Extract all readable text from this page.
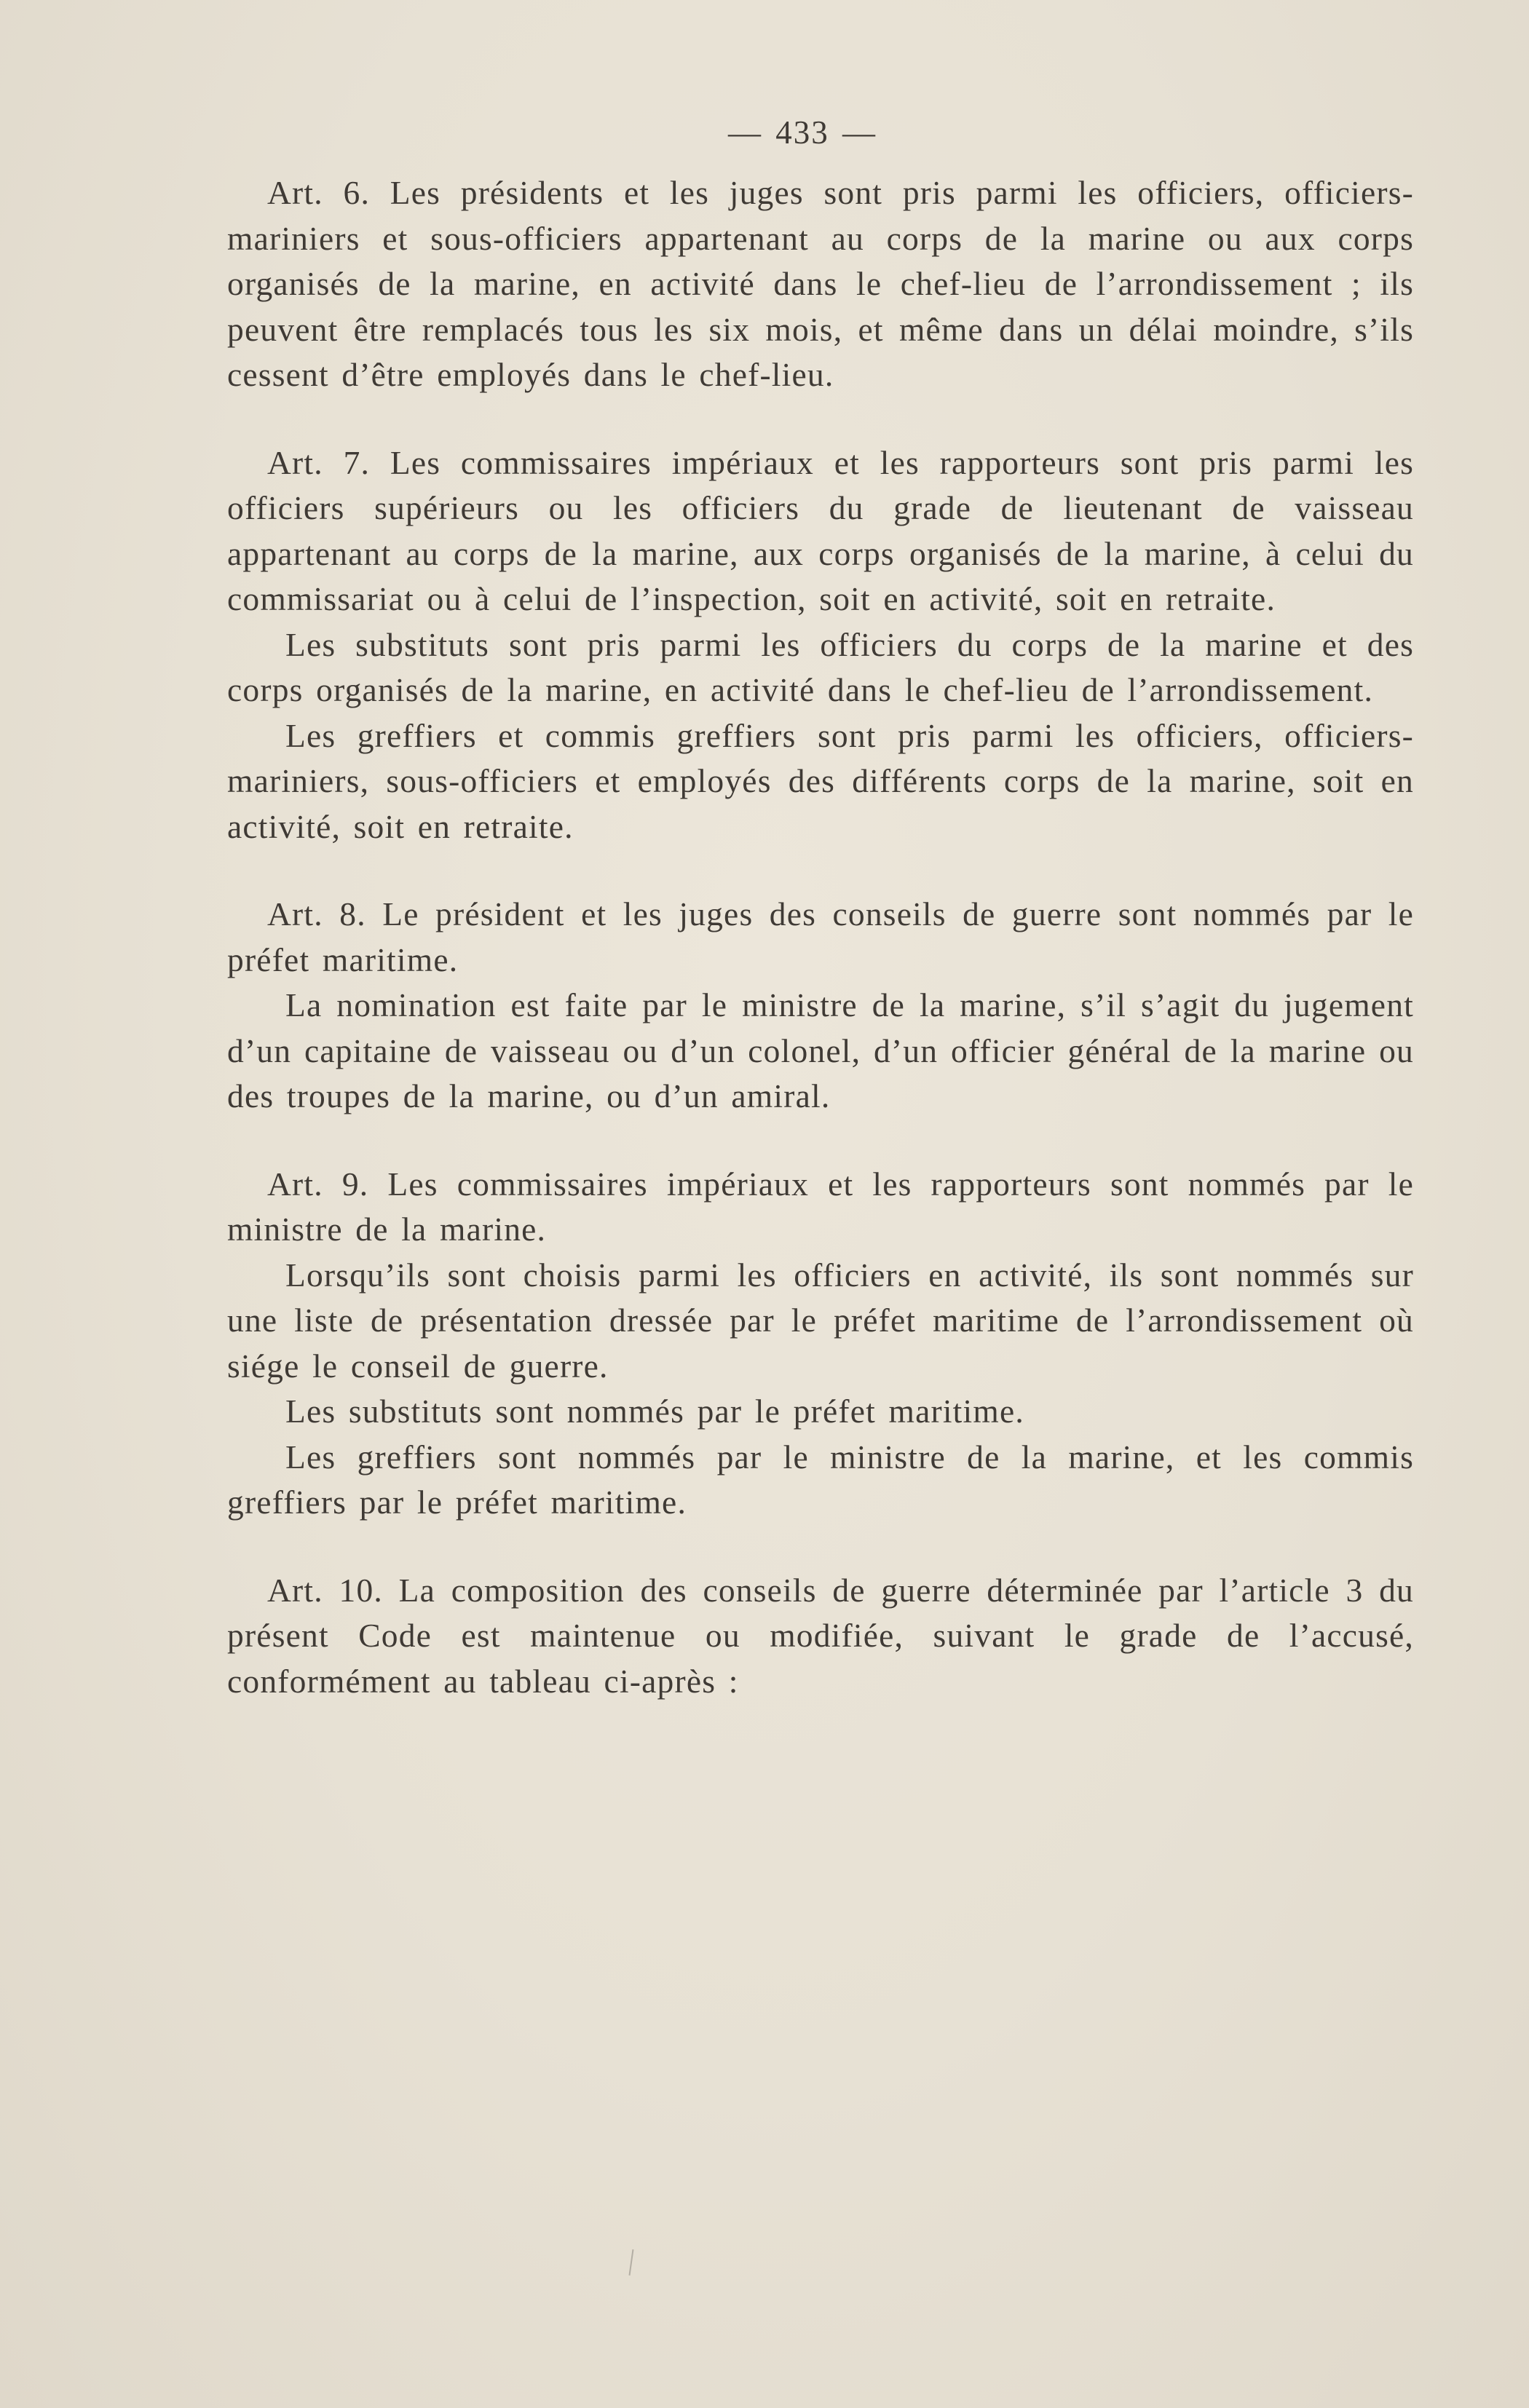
— 433 —

Art. 6. Les présidents et les juges sont pris parmi les officiers, officiers-mariniers et sous-officiers appartenant au corps de la marine ou aux corps organisés de la marine, en activité dans le chef-lieu de l’arrondissement ; ils peuvent être remplacés tous les six mois, et même dans un délai moindre, s’ils cessent d’être employés dans le chef-lieu.

Art. 7. Les commissaires impériaux et les rapporteurs sont pris parmi les officiers supérieurs ou les officiers du grade de lieutenant de vaisseau appartenant au corps de la marine, aux corps organisés de la marine, à celui du commissariat ou à celui de l’inspection, soit en activité, soit en retraite.

Les substituts sont pris parmi les officiers du corps de la marine et des corps organisés de la marine, en activité dans le chef-lieu de l’arrondissement.

Les greffiers et commis greffiers sont pris parmi les officiers, officiers-mariniers, sous-officiers et employés des différents corps de la marine, soit en activité, soit en retraite.

Art. 8. Le président et les juges des conseils de guerre sont nommés par le préfet maritime.

La nomination est faite par le ministre de la marine, s’il s’agit du jugement d’un capitaine de vaisseau ou d’un colonel, d’un officier général de la marine ou des troupes de la marine, ou d’un amiral.

Art. 9. Les commissaires impériaux et les rapporteurs sont nommés par le ministre de la marine.

Lorsqu’ils sont choisis parmi les officiers en activité, ils sont nommés sur une liste de présentation dressée par le préfet maritime de l’arrondissement où siége le conseil de guerre.

Les substituts sont nommés par le préfet maritime.

Les greffiers sont nommés par le ministre de la marine, et les commis greffiers par le préfet maritime.

Art. 10. La composition des conseils de guerre déterminée par l’article 3 du présent Code est maintenue ou modifiée, suivant le grade de l’accusé, conformément au tableau ci-après :
